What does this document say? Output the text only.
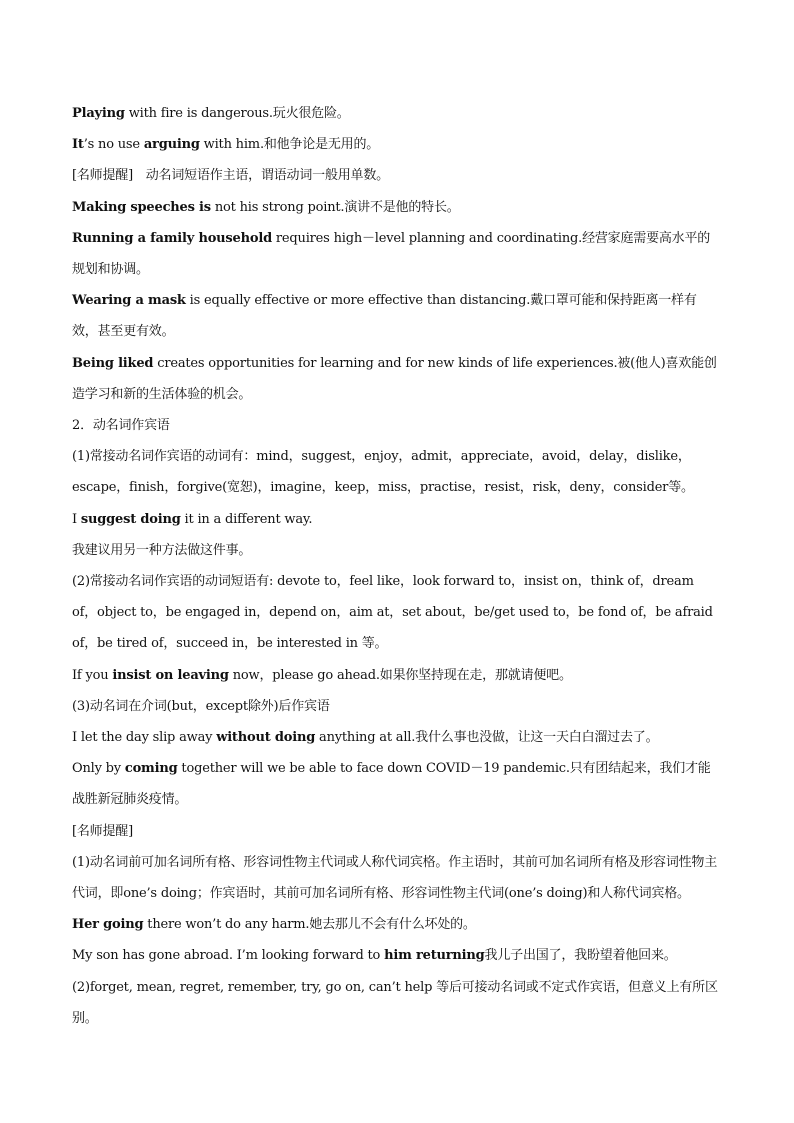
Playing with fire is dangerous.玩火很危险。

It’s no use arguing with him.和他争论是无用的。

[名师提醒]　动名词短语作主语，谓语动词一般用单数。

Making speeches is not his strong point.演讲不是他的特长。

Running a family household requires high－level planning and coordinating.经营家庭需要高水平的规划和协调。

Wearing a mask is equally effective or more effective than distancing.戴口罩可能和保持距离一样有效，甚至更有效。

Being liked creates opportunities for learning and for new kinds of life experiences.被(他人)喜欢能创造学习和新的生活体验的机会。

2．动名词作宾语

(1)常接动名词作宾语的动词有：mind，suggest，enjoy，admit，appreciate，avoid，delay，dislike，escape，finish，forgive(宽恕)，imagine，keep，miss，practise，resist，risk，deny，consider等。

I suggest doing it in a different way.

我建议用另一种方法做这件事。

(2)常接动名词作宾语的动词短语有: devote to，feel like，look forward to，insist on，think of，dream of，object to，be engaged in，depend on，aim at，set about，be/get used to，be fond of，be afraid of，be tired of，succeed in，be interested in 等。

If you insist on leaving now，please go ahead.如果你坚持现在走，那就请便吧。

(3)动名词在介词(but，except除外)后作宾语

I let the day slip away without doing anything at all.我什么事也没做，让这一天白白溜过去了。

Only by coming together will we be able to face down COVID－19 pandemic.只有团结起来，我们才能战胜新冠肺炎疫情。

[名师提醒]

(1)动名词前可加名词所有格、形容词性物主代词或人称代词宾格。作主语时，其前可加名词所有格及形容词性物主代词，即one’s doing；作宾语时，其前可加名词所有格、形容词性物主代词(one’s doing)和人称代词宾格。

Her going there won’t do any harm.她去那儿不会有什么坏处的。

My son has gone abroad. I’m looking forward to him returning我儿子出国了，我盼望着他回来。

(2)forget, mean, regret, remember, try, go on, can’t help 等后可接动名词或不定式作宾语，但意义上有所区别。
